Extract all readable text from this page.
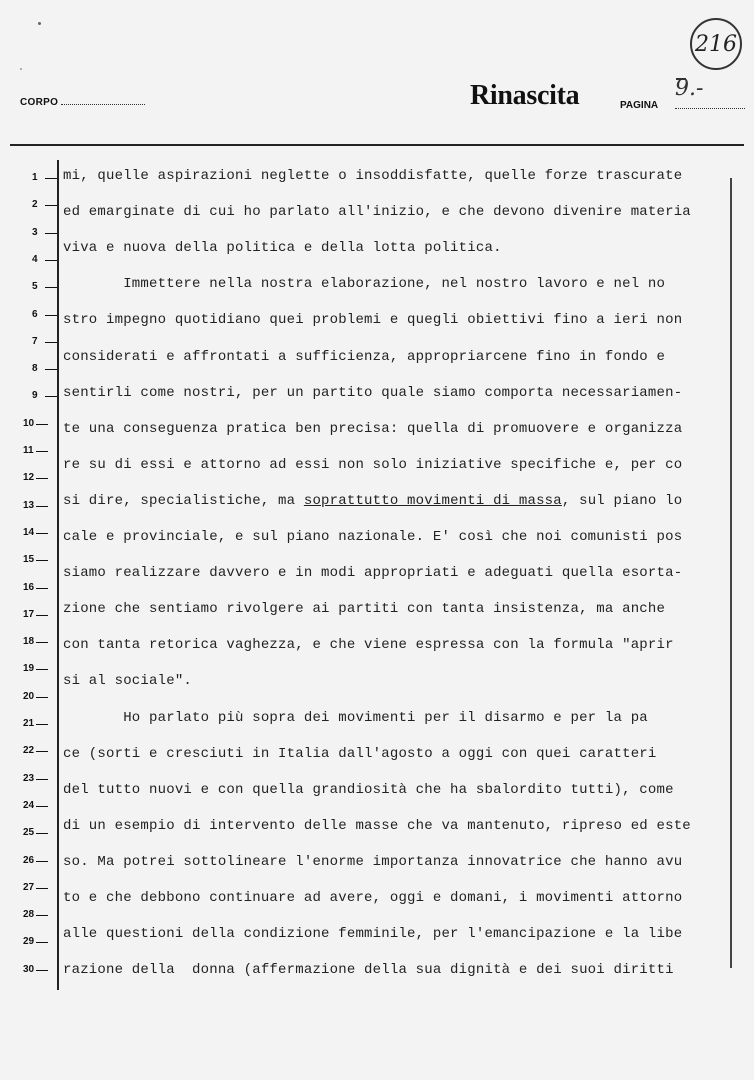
216
CORPO	Rinascita	PAGINA
9.-
1
2
3
4
5
6
7
8
9
10
11
12
13
14
15
16
17
18
19
20
21
22
23
24
25
26
27
28
29
30
mi, quelle aspirazioni neglette o insoddisfatte, quelle forze trascurate
ed emarginate di cui ho parlato all'inizio, e che devono divenire materia
viva e nuova della politica e della lotta politica.
Immettere nella nostra elaborazione, nel nostro lavoro e nel no
stro impegno quotidiano quei problemi e quegli obiettivi fino a ieri non
considerati e affrontati a sufficienza, appropriarcene fino in fondo e
sentirli come nostri, per un partito quale siamo comporta necessariamen-
te una conseguenza pratica ben precisa: quella di promuovere e organizza
re su di essi e attorno ad essi non solo iniziative specifiche e, per co
si dire, specialistiche, ma soprattutto movimenti di massa, sul piano lo
cale e provinciale, e sul piano nazionale. E' così che noi comunisti pos
siamo realizzare davvero e in modi appropriati e adeguati quella esorta-
zione che sentiamo rivolgere ai partiti con tanta insistenza, ma anche
con tanta retorica vaghezza, e che viene espressa con la formula "aprir
si al sociale".
Ho parlato più sopra dei movimenti per il disarmo e per la pa
ce (sorti e cresciuti in Italia dall'agosto a oggi con quei caratteri
del tutto nuovi e con quella grandiosità che ha sbalordito tutti), come
di un esempio di intervento delle masse che va mantenuto, ripreso ed este
so. Ma potrei sottolineare l'enorme importanza innovatrice che hanno avu
to e che debbono continuare ad avere, oggi e domani, i movimenti attorno
alle questioni della condizione femminile, per l'emancipazione e la libe
razione della  donna (affermazione della sua dignità e dei suoi diritti
